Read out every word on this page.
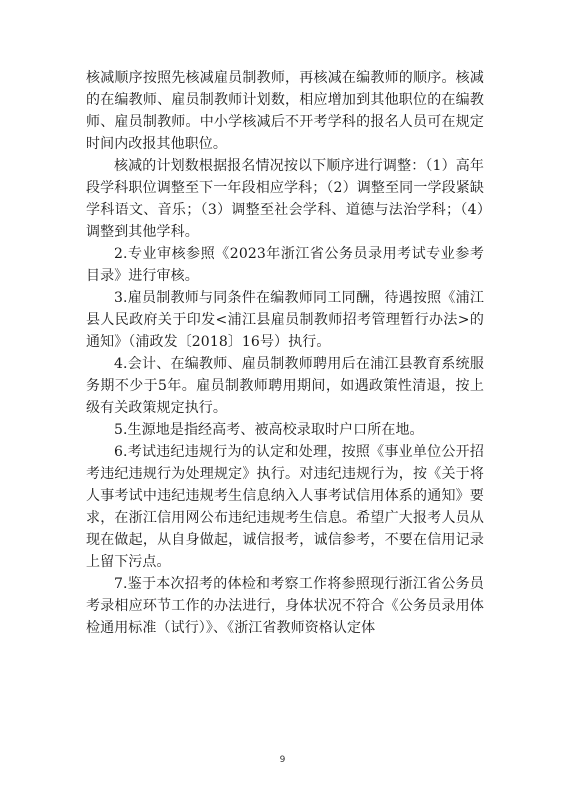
核减顺序按照先核减雇员制教师，再核减在编教师的顺序。核减的在编教师、雇员制教师计划数，相应增加到其他职位的在编教师、雇员制教师。中小学核减后不开考学科的报名人员可在规定时间内改报其他职位。

核减的计划数根据报名情况按以下顺序进行调整：（1）高年段学科职位调整至下一年段相应学科；（2）调整至同一学段紧缺学科语文、音乐；（3）调整至社会学科、道德与法治学科；（4）调整到其他学科。

2.专业审核参照《2023年浙江省公务员录用考试专业参考目录》进行审核。

3.雇员制教师与同条件在编教师同工同酬，待遇按照《浦江县人民政府关于印发<浦江县雇员制教师招考管理暂行办法>的通知》（浦政发〔2018〕16号）执行。

4.会计、在编教师、雇员制教师聘用后在浦江县教育系统服务期不少于5年。雇员制教师聘用期间，如遇政策性清退，按上级有关政策规定执行。

5.生源地是指经高考、被高校录取时户口所在地。

6.考试违纪违规行为的认定和处理，按照《事业单位公开招考违纪违规行为处理规定》执行。对违纪违规行为，按《关于将人事考试中违纪违规考生信息纳入人事考试信用体系的通知》要求，在浙江信用网公布违纪违规考生信息。希望广大报考人员从现在做起，从自身做起，诚信报考，诚信参考，不要在信用记录上留下污点。

7.鉴于本次招考的体检和考察工作将参照现行浙江省公务员考录相应环节工作的办法进行，身体状况不符合《公务员录用体检通用标准（试行）》、《浙江省教师资格认定体

9
